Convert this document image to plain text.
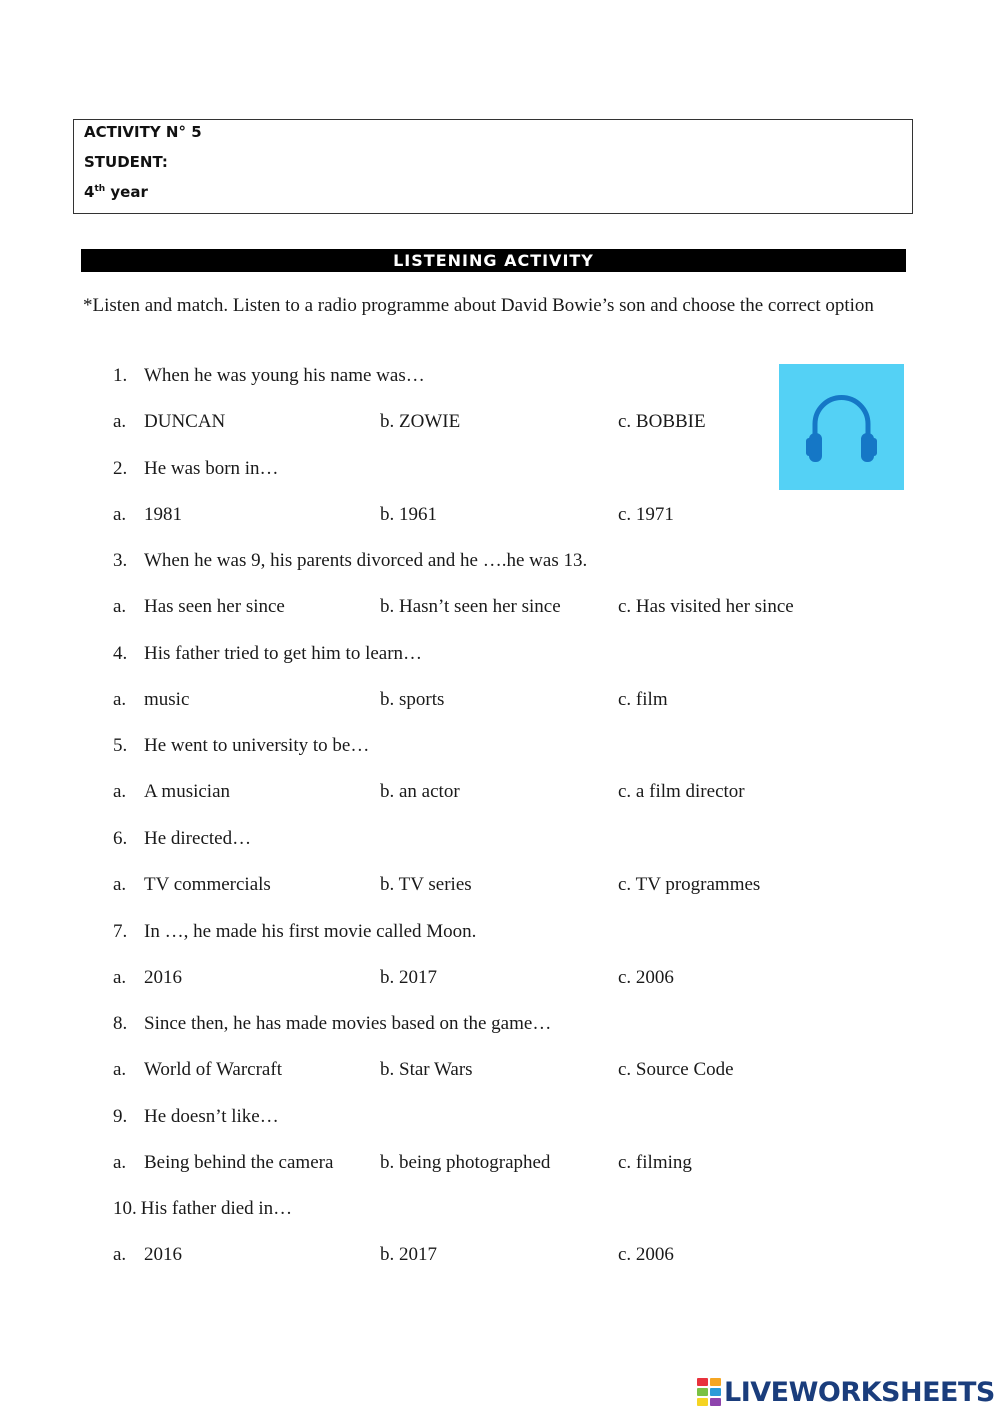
ACTIVITY N° 5
STUDENT:
4th year
LISTENING ACTIVITY
*Listen and match. Listen to a radio programme about David Bowie’s son and choose the correct option
1. When he was young his name was…
a. DUNCAN	b. ZOWIE	c. BOBBIE
2. He was born in…
a. 1981	b. 1961	c. 1971
3. When he was 9, his parents divorced and he ….he was 13.
a. Has seen her since	b. Hasn’t seen her since	c. Has visited her since
4. His father tried to get him to learn…
a. music	b. sports	c. film
5. He went to university to be…
a. A musician	b. an actor	c. a film director
6. He directed…
a. TV commercials	b. TV series	c. TV programmes
7. In …, he made his first movie called Moon.
a. 2016	b. 2017	c. 2006
8. Since then, he has made movies based on the game…
a. World of Warcraft	b. Star Wars	c. Source Code
9. He doesn’t like…
a. Being behind the camera b. being photographed	c. filming
10. His father died in…
a. 2016	b. 2017	c. 2006
LIVEWORKSHEETS
